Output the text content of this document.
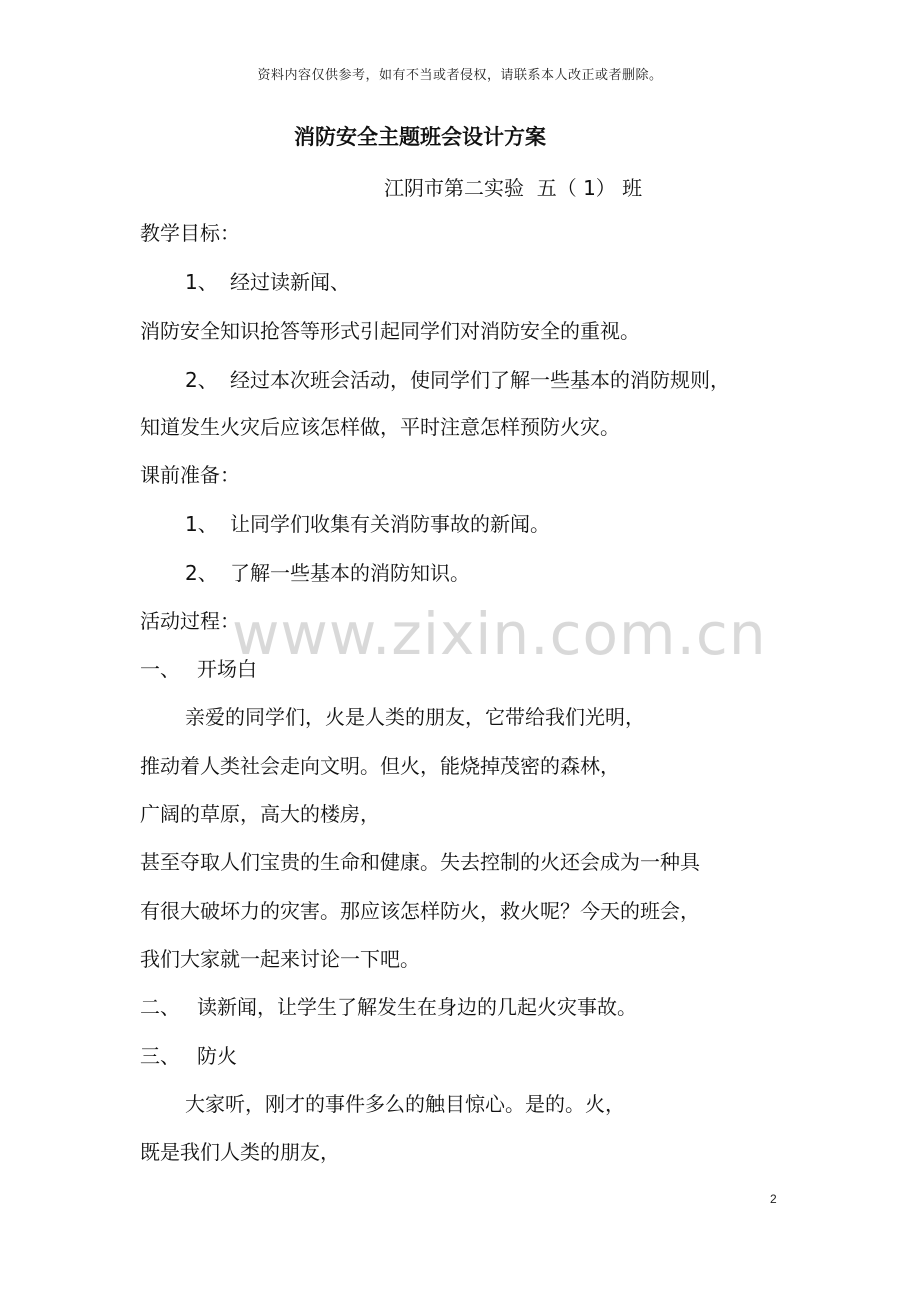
资料内容仅供参考，如有不当或者侵权，请联系本人改正或者删除。
消防安全主题班会设计方案
江阴市第二实验  五（ 1） 班
教学目标：
1、 经过读新闻、
消防安全知识抢答等形式引起同学们对消防安全的重视。
2、 经过本次班会活动，使同学们了解一些基本的消防规则，
知道发生火灾后应该怎样做，平时注意怎样预防火灾。
课前准备：
1、 让同学们收集有关消防事故的新闻。
2、 了解一些基本的消防知识。
活动过程：
一、 开场白
亲爱的同学们，火是人类的朋友，它带给我们光明，
推动着人类社会走向文明。但火，能烧掉茂密的森林，
广阔的草原，高大的楼房，
甚至夺取人们宝贵的生命和健康。失去控制的火还会成为一种具
有很大破坏力的灾害。那应该怎样防火，救火呢？今天的班会，
我们大家就一起来讨论一下吧。
二、 读新闻，让学生了解发生在身边的几起火灾事故。
三、 防火
大家听，刚才的事件多么的触目惊心。是的。火，
既是我们人类的朋友，
www.zixin.com.cn
2
